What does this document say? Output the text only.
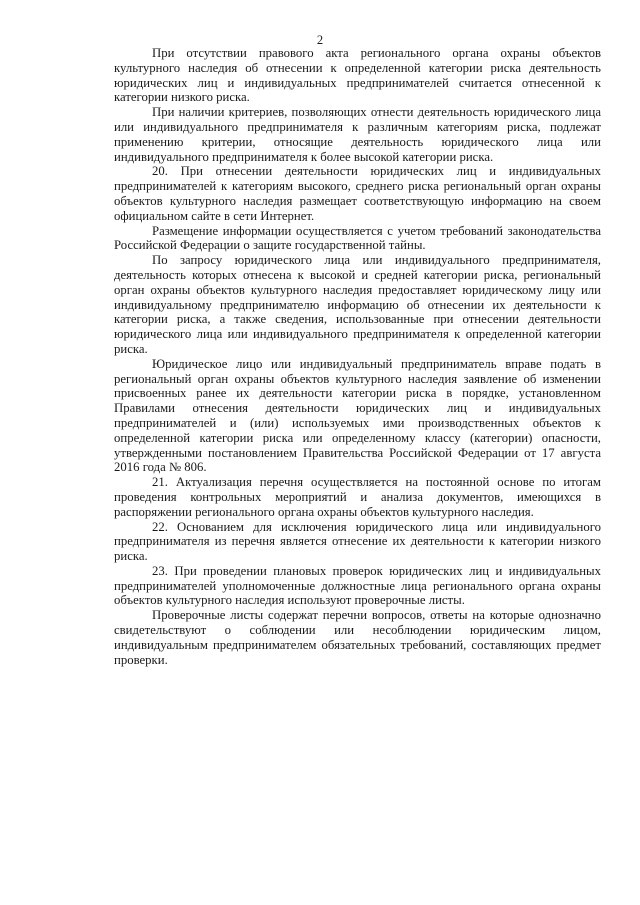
2

При отсутствии правового акта регионального органа охраны объектов культурного наследия об отнесении к определенной категории риска деятельность юридических лиц и индивидуальных предпринимателей считается отнесенной к категории низкого риска.

При наличии критериев, позволяющих отнести деятельность юридического лица или индивидуального предпринимателя к различным категориям риска, подлежат применению критерии, относящие деятельность юридического лица или индивидуального предпринимателя к более высокой категории риска.

20. При отнесении деятельности юридических лиц и индивидуальных предпринимателей к категориям высокого, среднего риска региональный орган охраны объектов культурного наследия размещает соответствующую информацию на своем официальном сайте в сети Интернет.

Размещение информации осуществляется с учетом требований законодательства Российской Федерации о защите государственной тайны.

По запросу юридического лица или индивидуального предпринимателя, деятельность которых отнесена к высокой и средней категории риска, региональный орган охраны объектов культурного наследия предоставляет юридическому лицу или индивидуальному предпринимателю информацию об отнесении их деятельности к категории риска, а также сведения, использованные при отнесении деятельности юридического лица или индивидуального предпринимателя к определенной категории риска.

Юридическое лицо или индивидуальный предприниматель вправе подать в региональный орган охраны объектов культурного наследия заявление об изменении присвоенных ранее их деятельности категории риска в порядке, установленном Правилами отнесения деятельности юридических лиц и индивидуальных предпринимателей и (или) используемых ими производственных объектов к определенной категории риска или определенному классу (категории) опасности, утвержденными постановлением Правительства Российской Федерации от 17 августа 2016 года № 806.

21. Актуализация перечня осуществляется на постоянной основе по итогам проведения контрольных мероприятий и анализа документов, имеющихся в распоряжении регионального органа охраны объектов культурного наследия.

22. Основанием для исключения юридического лица или индивидуального предпринимателя из перечня является отнесение их деятельности к категории низкого риска.

23. При проведении плановых проверок юридических лиц и индивидуальных предпринимателей уполномоченные должностные лица регионального органа охраны объектов культурного наследия используют проверочные листы.

Проверочные листы содержат перечни вопросов, ответы на которые однозначно свидетельствуют о соблюдении или несоблюдении юридическим лицом, индивидуальным предпринимателем обязательных требований, составляющих предмет проверки.
